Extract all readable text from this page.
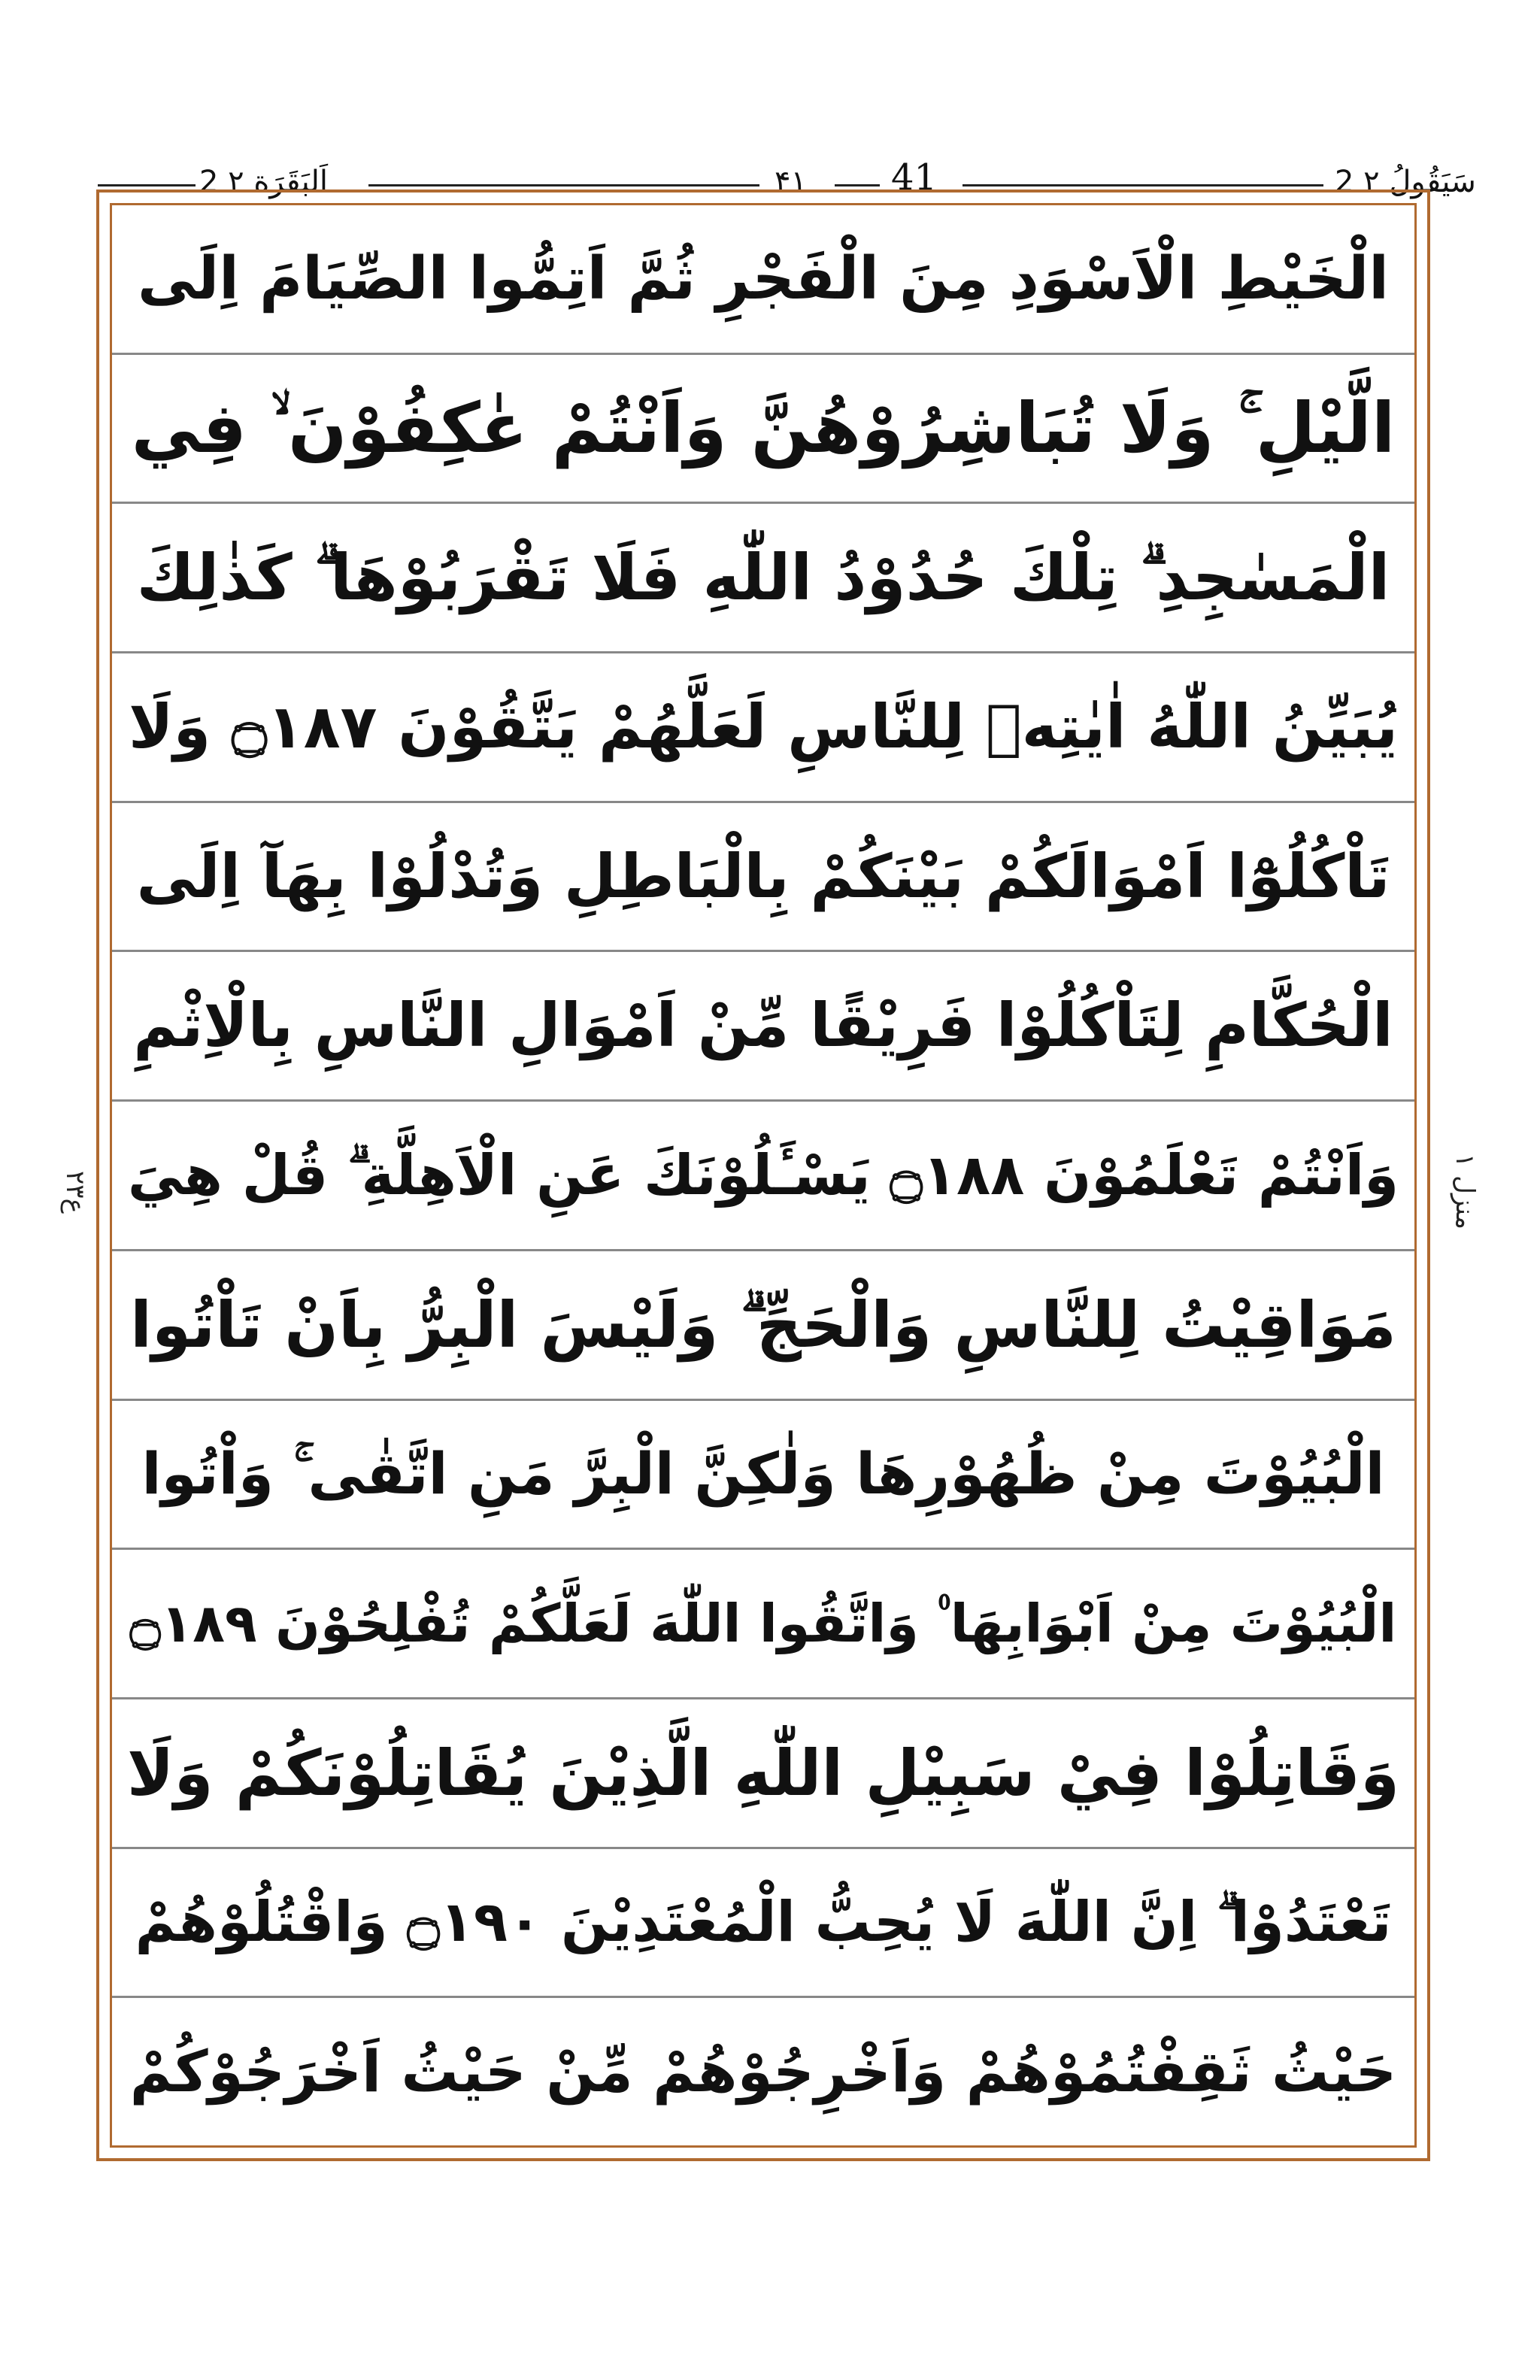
2 اَلبَقَرَة ۲	۴۱ 41	2 سَيَقُولُ ۲
ع۲۳
منزل ۱
الْخَيْطِ الْاَسْوَدِ مِنَ الْفَجْرِ ثُمَّ اَتِمُّوا الصِّيَامَ اِلَى
الَّيْلِ ۚ وَلَا تُبَاشِرُوْهُنَّ وَاَنْتُمْ عٰكِفُوْنَ ۙ فِي
الْمَسٰجِدِ ۗ تِلْكَ حُدُوْدُ اللّٰهِ فَلَا تَقْرَبُوْهَا ۗ كَذٰلِكَ
يُبَيِّنُ اللّٰهُ اٰيٰتِهٖ لِلنَّاسِ لَعَلَّهُمْ يَتَّقُوْنَ ۝۱۸۷ وَلَا
تَاْكُلُوْٓا اَمْوَالَكُمْ بَيْنَكُمْ بِالْبَاطِلِ وَتُدْلُوْا بِهَآ اِلَى
الْحُكَّامِ لِتَاْكُلُوْا فَرِيْقًا مِّنْ اَمْوَالِ النَّاسِ بِالْاِثْمِ
وَاَنْتُمْ تَعْلَمُوْنَ ۝۱۸۸ يَسْـَٔلُوْنَكَ عَنِ الْاَهِلَّةِ ۗ قُلْ هِيَ
مَوَاقِيْتُ لِلنَّاسِ وَالْحَجِّ ۗ وَلَيْسَ الْبِرُّ بِاَنْ تَاْتُوا
الْبُيُوْتَ مِنْ ظُهُوْرِهَا وَلٰكِنَّ الْبِرَّ مَنِ اتَّقٰى ۚ وَاْتُوا
الْبُيُوْتَ مِنْ اَبْوَابِهَا ۠ وَاتَّقُوا اللّٰهَ لَعَلَّكُمْ تُفْلِحُوْنَ ۝۱۸۹
وَقَاتِلُوْا فِيْ سَبِيْلِ اللّٰهِ الَّذِيْنَ يُقَاتِلُوْنَكُمْ وَلَا
تَعْتَدُوْا ۗ اِنَّ اللّٰهَ لَا يُحِبُّ الْمُعْتَدِيْنَ ۝۱۹۰ وَاقْتُلُوْهُمْ
حَيْثُ ثَقِفْتُمُوْهُمْ وَاَخْرِجُوْهُمْ مِّنْ حَيْثُ اَخْرَجُوْكُمْ
